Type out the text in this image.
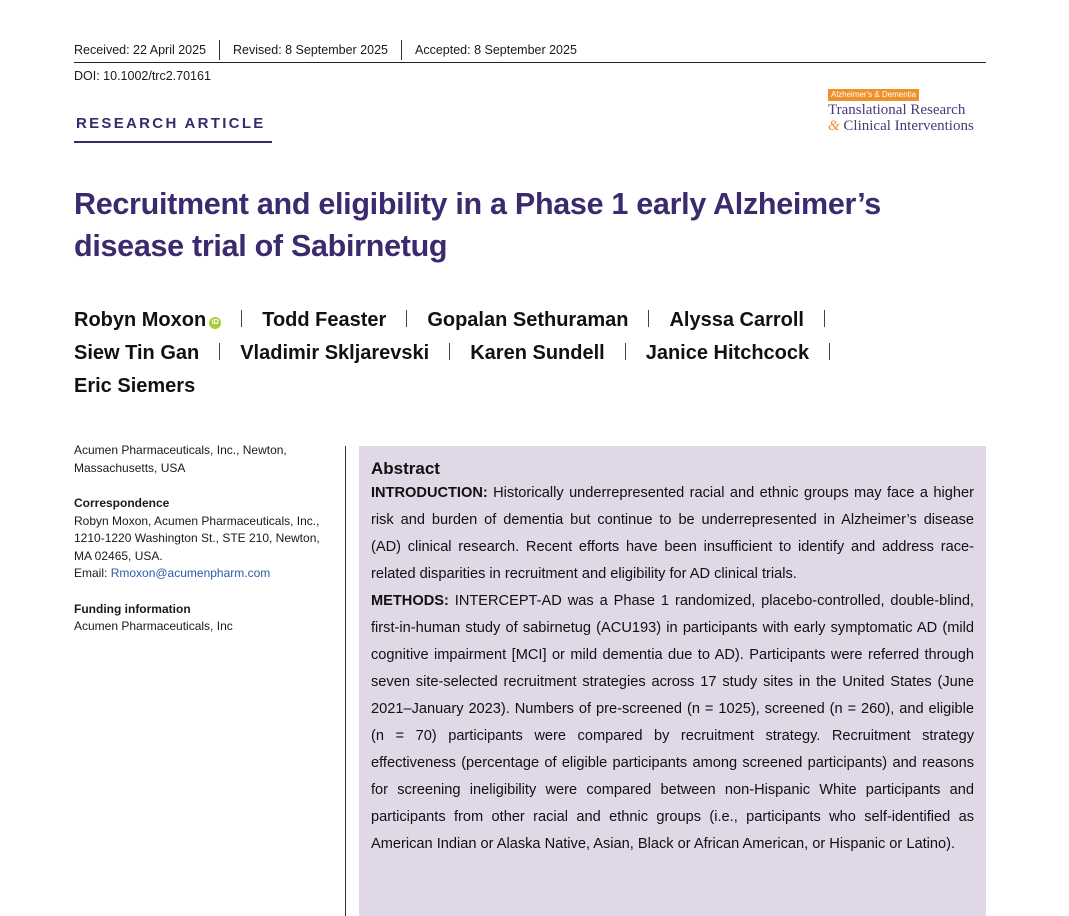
Received: 22 April 2025 Revised: 8 September 2025 Accepted: 8 September 2025
DOI: 10.1002/trc2.70161
Alzheimer's & Dementia
Translational Research
& Clinical Interventions
RESEARCH ARTICLE
Recruitment and eligibility in a Phase 1 early Alzheimer’s disease trial of Sabirnetug
Robyn Moxon iD Todd Feaster Gopalan Sethuraman Alyssa Carroll
Siew Tin Gan Vladimir Skljarevski Karen Sundell Janice Hitchcock
Eric Siemers
Acumen Pharmaceuticals, Inc., Newton, Massachusetts, USA
Correspondence
Robyn Moxon, Acumen Pharmaceuticals, Inc., 1210-1220 Washington St., STE 210, Newton, MA 02465, USA.
Email: Rmoxon@acumenpharm.com
Funding information
Acumen Pharmaceuticals, Inc
Abstract

INTRODUCTION: Historically underrepresented racial and ethnic groups may face a higher risk and burden of dementia but continue to be underrepresented in Alzheimer’s disease (AD) clinical research. Recent efforts have been insufficient to identify and address race-related disparities in recruitment and eligibility for AD clinical trials.

METHODS: INTERCEPT-AD was a Phase 1 randomized, placebo-controlled, double-blind, first-in-human study of sabirnetug (ACU193) in participants with early symptomatic AD (mild cognitive impairment [MCI] or mild dementia due to AD). Participants were referred through seven site-selected recruitment strategies across 17 study sites in the United States (June 2021–January 2023). Numbers of pre-screened (n = 1025), screened (n = 260), and eligible (n = 70) participants were compared by recruitment strategy. Recruitment strategy effectiveness (percentage of eligible participants among screened participants) and reasons for screening ineligibility were compared between non-Hispanic White participants and participants from other racial and ethnic groups (i.e., participants who self-identified as American Indian or Alaska Native, Asian, Black or African American, or Hispanic or Latino).
